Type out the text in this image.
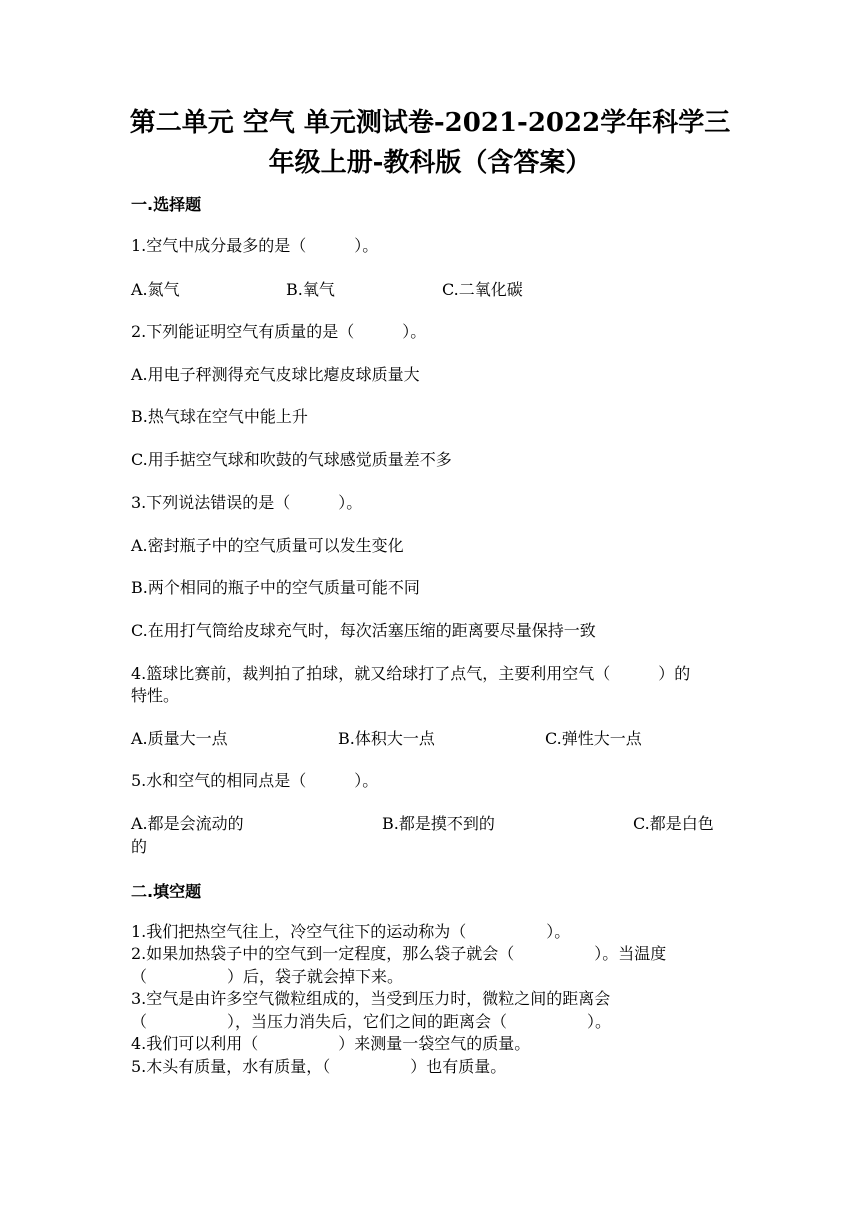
第二单元 空气 单元测试卷-2021-2022学年科学三
年级上册-教科版（含答案）
一.选择题
1.空气中成分最多的是（　　　）。
A.氮气	B.氧气	C.二氧化碳
2.下列能证明空气有质量的是（　　　）。
A.用电子秤测得充气皮球比瘪皮球质量大
B.热气球在空气中能上升
C.用手掂空气球和吹鼓的气球感觉质量差不多
3.下列说法错误的是（　　　）。
A.密封瓶子中的空气质量可以发生变化
B.两个相同的瓶子中的空气质量可能不同
C.在用打气筒给皮球充气时，每次活塞压缩的距离要尽量保持一致
4.篮球比赛前，裁判拍了拍球，就又给球打了点气，主要利用空气（　　　）的
特性。
A.质量大一点	B.体积大一点	C.弹性大一点
5.水和空气的相同点是（　　　）。
A.都是会流动的	B.都是摸不到的	C.都是白色
的
二.填空题
1.我们把热空气往上，冷空气往下的运动称为（　　　　　）。
2.如果加热袋子中的空气到一定程度，那么袋子就会（　　　　　）。当温度
（　　　　　）后，袋子就会掉下来。
3.空气是由许多空气微粒组成的，当受到压力时，微粒之间的距离会
（　　　　　），当压力消失后，它们之间的距离会（　　　　　）。
4.我们可以利用（　　　　　）来测量一袋空气的质量。
5.木头有质量，水有质量，（　　　　　）也有质量。
